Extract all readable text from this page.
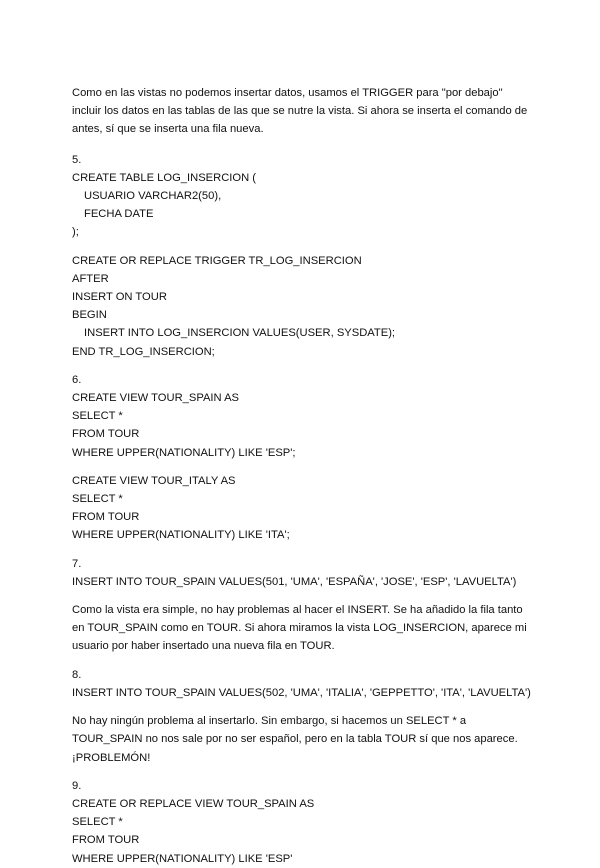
Como en las vistas no podemos insertar datos, usamos el TRIGGER para "por debajo"
incluir los datos en las tablas de las que se nutre la vista. Si ahora se inserta el comando de
antes, sí que se inserta una fila nueva.
5.
CREATE TABLE LOG_INSERCION (
USUARIO VARCHAR2(50),
FECHA DATE
);
CREATE OR REPLACE TRIGGER TR_LOG_INSERCION
AFTER
INSERT ON TOUR
BEGIN
INSERT INTO LOG_INSERCION VALUES(USER, SYSDATE);
END TR_LOG_INSERCION;
6.
CREATE VIEW TOUR_SPAIN AS
SELECT *
FROM TOUR
WHERE UPPER(NATIONALITY) LIKE 'ESP';
CREATE VIEW TOUR_ITALY AS
SELECT *
FROM TOUR
WHERE UPPER(NATIONALITY) LIKE 'ITA';
7.
INSERT INTO TOUR_SPAIN VALUES(501, 'UMA', 'ESPAÑA', 'JOSE', 'ESP', 'LAVUELTA')
Como la vista era simple, no hay problemas al hacer el INSERT. Se ha añadido la fila tanto
en TOUR_SPAIN como en TOUR. Si ahora miramos la vista LOG_INSERCION, aparece mi
usuario por haber insertado una nueva fila en TOUR.
8.
INSERT INTO TOUR_SPAIN VALUES(502, 'UMA', 'ITALIA', 'GEPPETTO', 'ITA', 'LAVUELTA')
No hay ningún problema al insertarlo. Sin embargo, si hacemos un SELECT * a
TOUR_SPAIN no nos sale por no ser español, pero en la tabla TOUR sí que nos aparece.
¡PROBLEMÓN!
9.
CREATE OR REPLACE VIEW TOUR_SPAIN AS
SELECT *
FROM TOUR
WHERE UPPER(NATIONALITY) LIKE 'ESP'
